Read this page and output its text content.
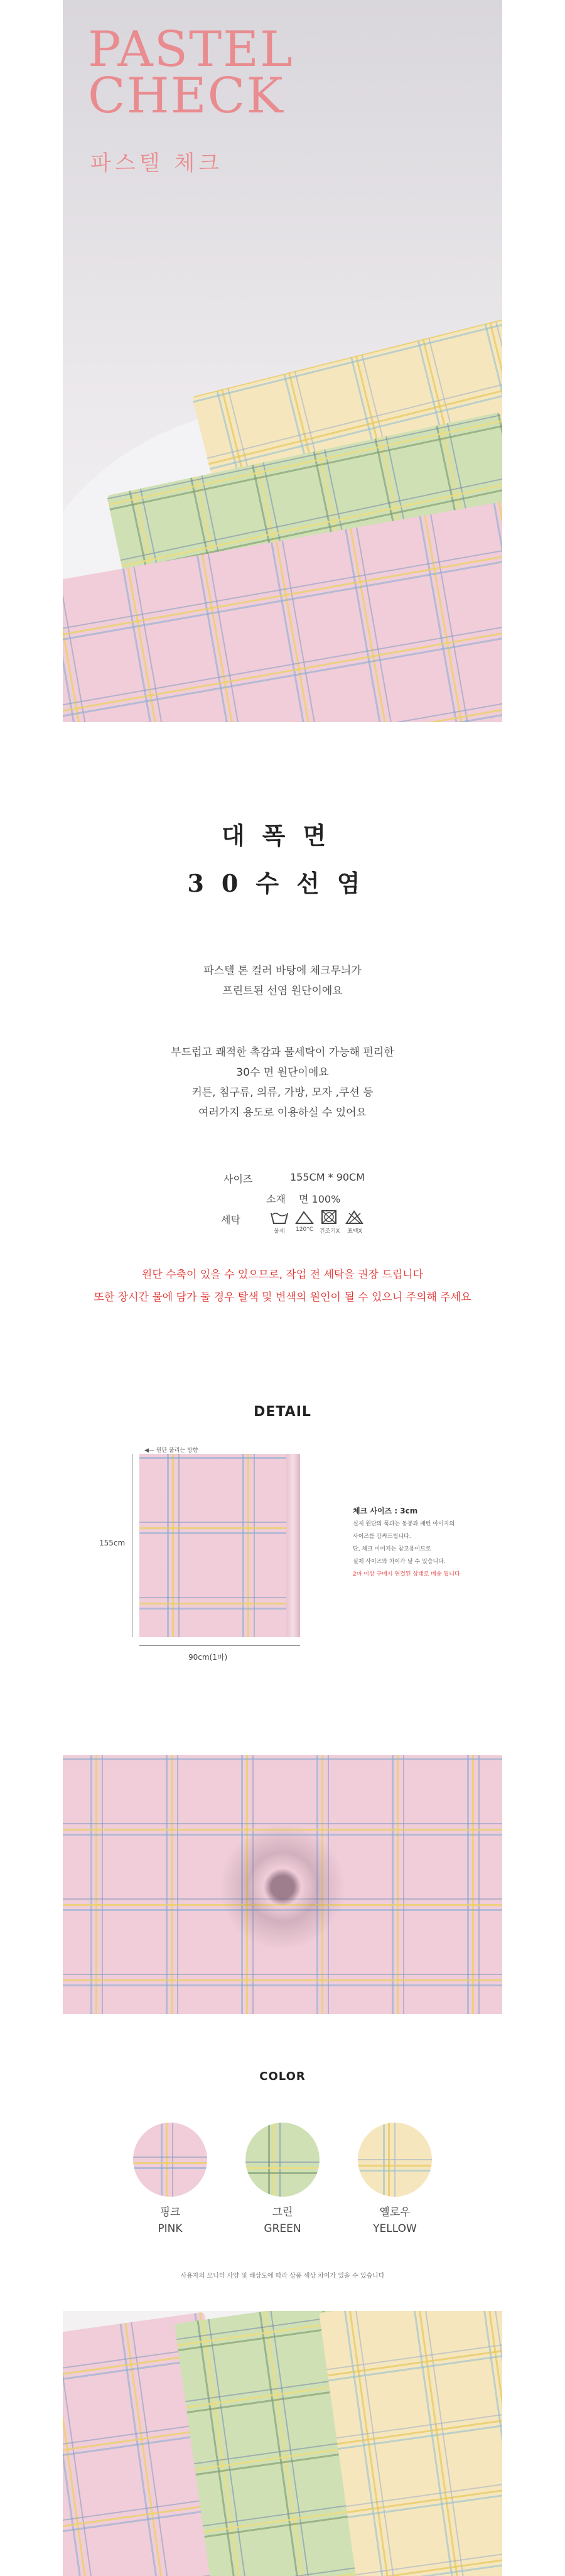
PASTEL
CHECK
파스텔 체크
대폭면
30수선염
파스텔 톤 컬러 바탕에 체크무늬가
프린트된 선염 원단이에요
부드럽고 쾌적한 촉감과 물세탁이 가능해 편리한
30수 면 원단이에요
커튼, 침구류, 의류, 가방, 모자 ,쿠션 등
여러가지 용도로 이용하실 수 있어요
사이즈	155CM * 90CM
소재 면 100%
세탁
물세	120°C	건조기X	표백X
원단 수축이 있을 수 있으므로, 작업 전 세탁을 권장 드립니다
또한 장시간 물에 담가 둘 경우 탈색 및 변색의 원인이 될 수 있으니 주의해 주세요
DETAIL
◀— 원단 풀리는 방향
155cm
90cm(1마)
체크 사이즈 : 3cm
실제 원단의 폭과는 동봉과 패턴 아이지의
사이즈를 감싸드립니다.
단, 체크 이미지는 참고용이므로
실제 사이즈와 차이가 날 수 있습니다.
2마 이상 구매시 연결된 상태로 배송 됩니다
COLOR
핑크
PINK
그린
GREEN
옐로우
YELLOW
사용자의 모니터 사양 및 해상도에 따라 상품 색상 차이가 있을 수 있습니다
